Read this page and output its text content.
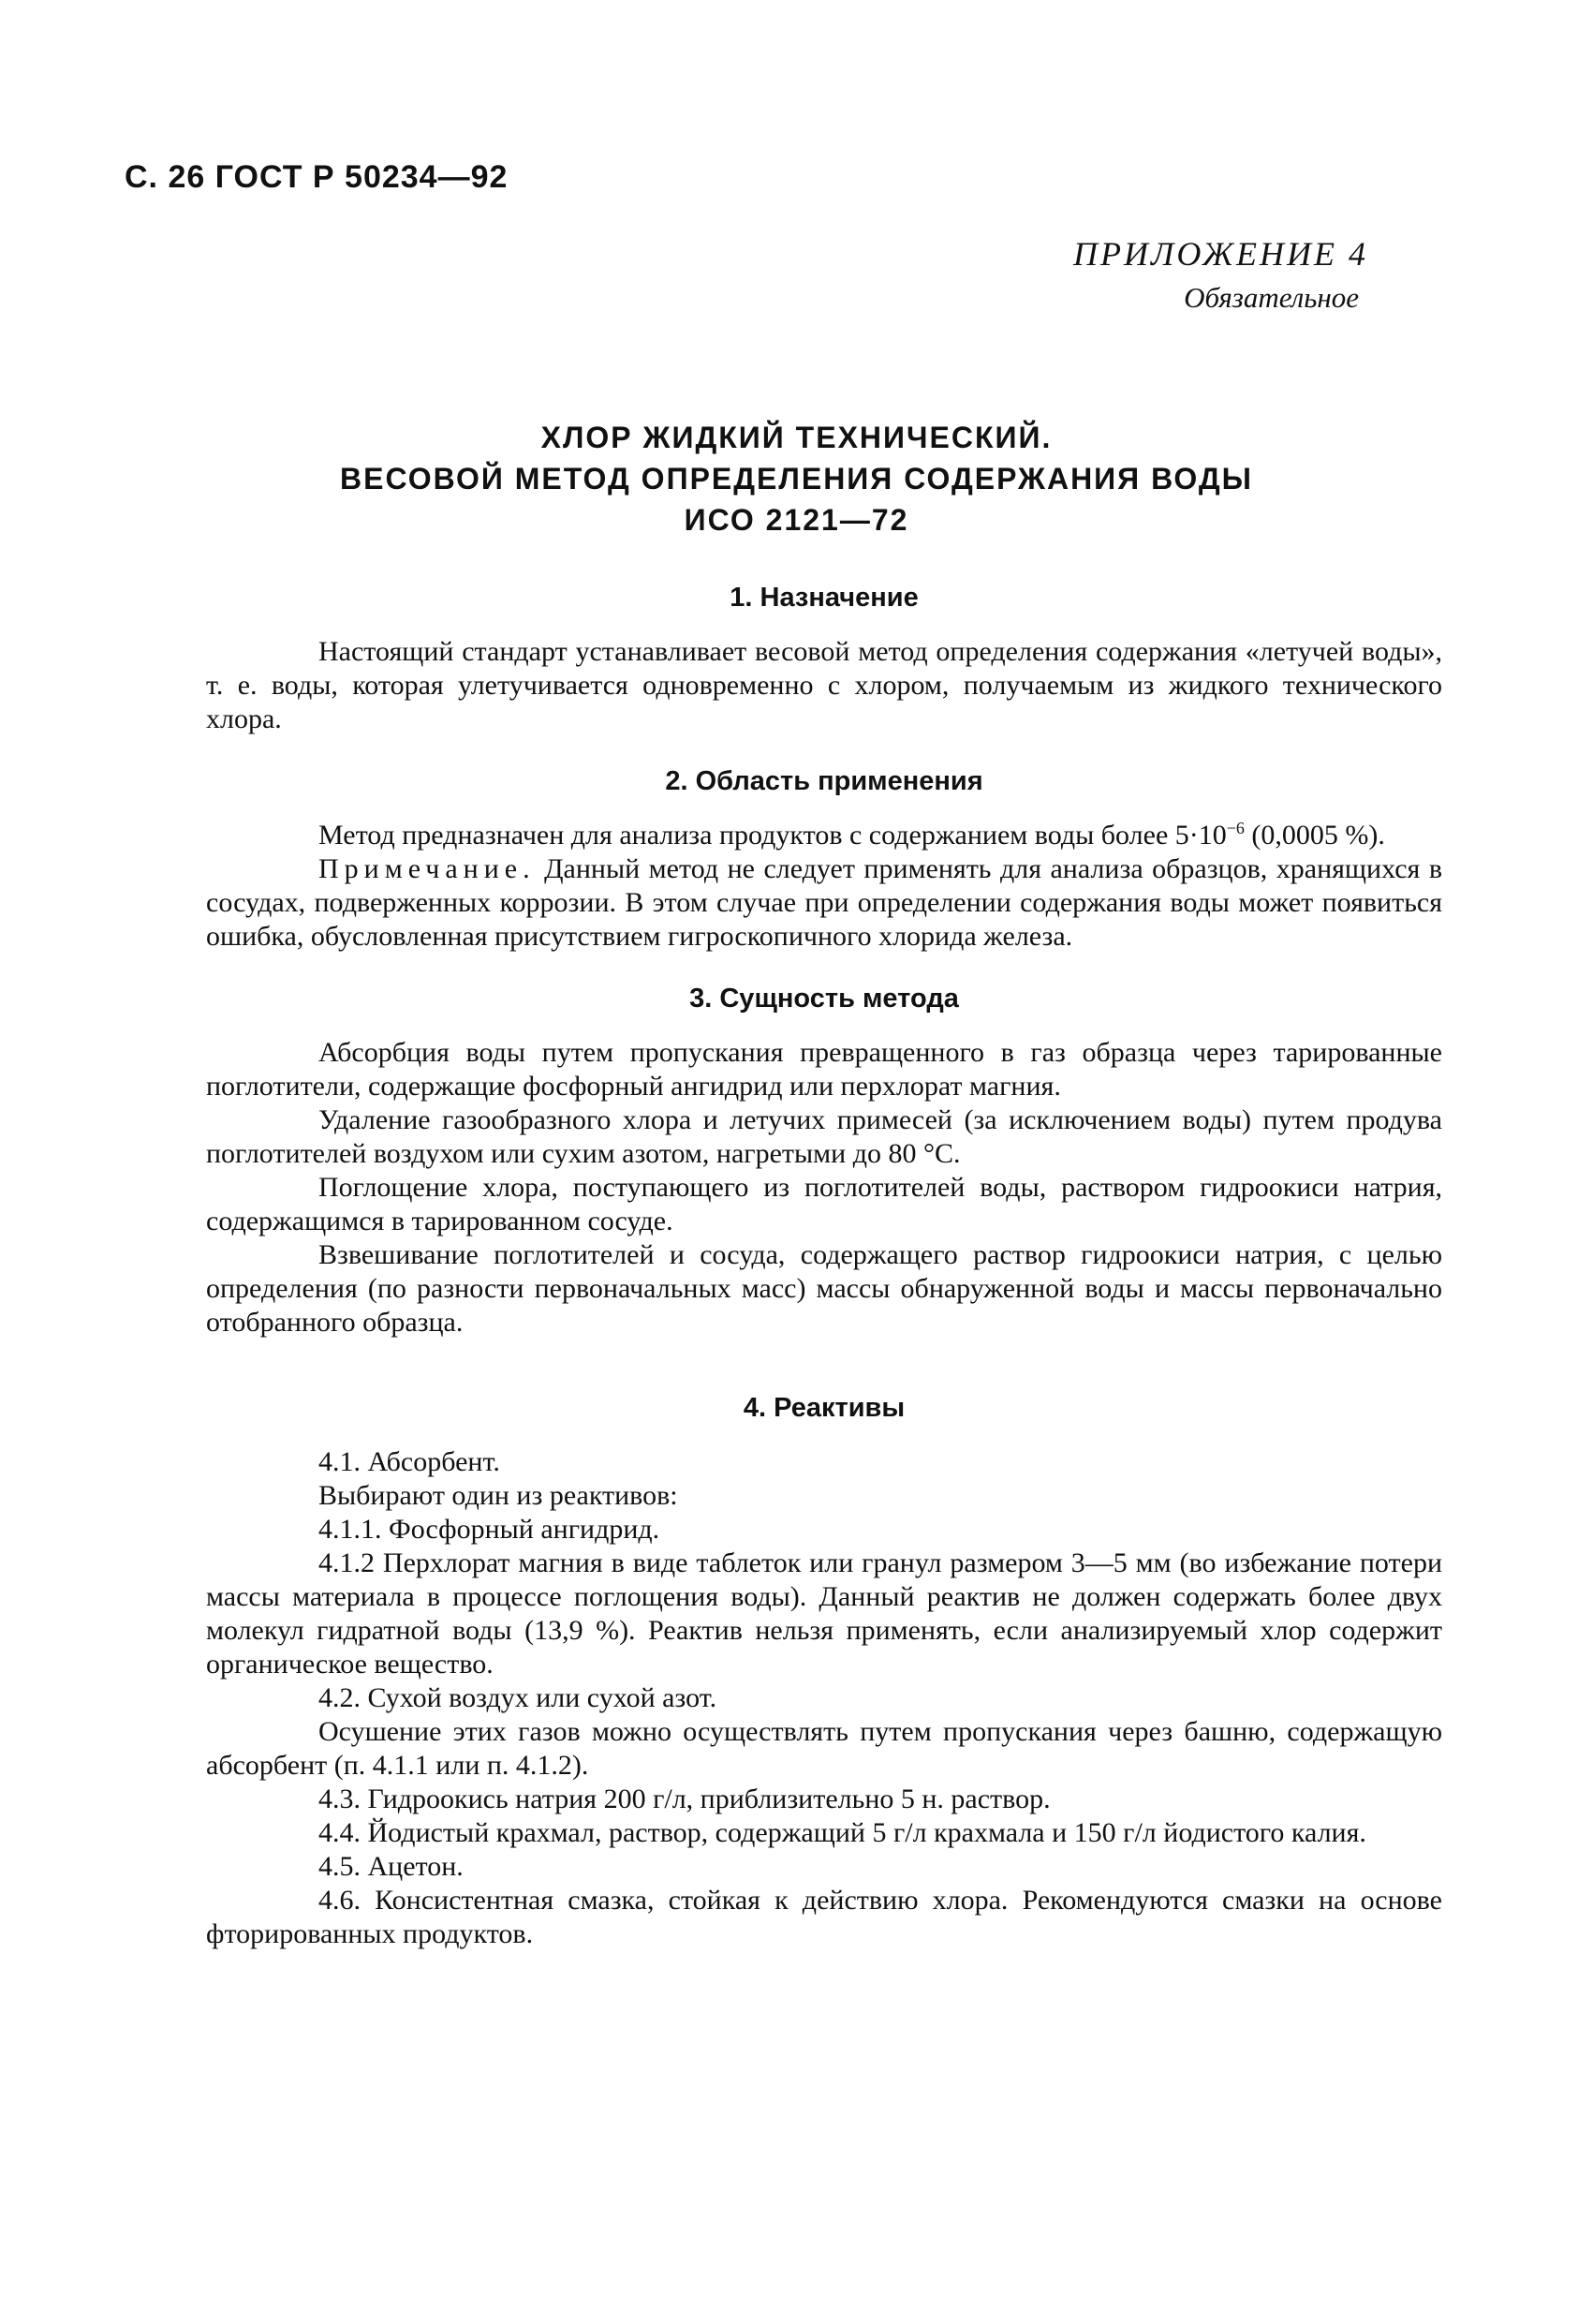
С. 26 ГОСТ Р 50234—92
ПРИЛОЖЕНИЕ 4
Обязательное
ХЛОР ЖИДКИЙ ТЕХНИЧЕСКИЙ.
ВЕСОВОЙ МЕТОД ОПРЕДЕЛЕНИЯ СОДЕРЖАНИЯ ВОДЫ
ИСО 2121—72
1. Назначение

Настоящий стандарт устанавливает весовой метод определения содержания «летучей воды», т. е. воды, которая улетучивается одновременно с хлором, получаемым из жидкого технического хлора.

2. Область применения

Метод предназначен для анализа продуктов с содержанием воды более $5\cdot 10^{-6}$ (0,0005 %).

Примечание. Данный метод не следует применять для анализа образцов, хранящихся в сосудах, подверженных коррозии. В этом случае при определении содержания воды может появиться ошибка, обусловленная присутствием гигроскопичного хлорида железа.

3. Сущность метода

Абсорбция воды путем пропускания превращенного в газ образца через тарированные поглотители, содержащие фосфорный ангидрид или перхлорат магния.

Удаление газообразного хлора и летучих примесей (за исключением воды) путем продува поглотителей воздухом или сухим азотом, нагретыми до 80 °С.

Поглощение хлора, поступающего из поглотителей воды, раствором гидроокиси натрия, содержащимся в тарированном сосуде.

Взвешивание поглотителей и сосуда, содержащего раствор гидроокиси натрия, с целью определения (по разности первоначальных масс) массы обнаруженной воды и массы первоначально отобранного образца.

4. Реактивы

4.1. Абсорбент.

Выбирают один из реактивов:

4.1.1. Фосфорный ангидрид.

4.1.2 Перхлорат магния в виде таблеток или гранул размером 3—5 мм (во избежание потери массы материала в процессе поглощения воды). Данный реактив не должен содержать более двух молекул гидратной воды (13,9 %). Реактив нельзя применять, если анализируемый хлор содержит органическое вещество.

4.2. Сухой воздух или сухой азот.

Осушение этих газов можно осуществлять путем пропускания через башню, содержащую абсорбент (п. 4.1.1 или п. 4.1.2).

4.3. Гидроокись натрия 200 г/л, приблизительно 5 н. раствор.

4.4. Йодистый крахмал, раствор, содержащий 5 г/л крахмала и 150 г/л йодистого калия.

4.5. Ацетон.

4.6. Консистентная смазка, стойкая к действию хлора. Рекомендуются смазки на основе фторированных продуктов.
